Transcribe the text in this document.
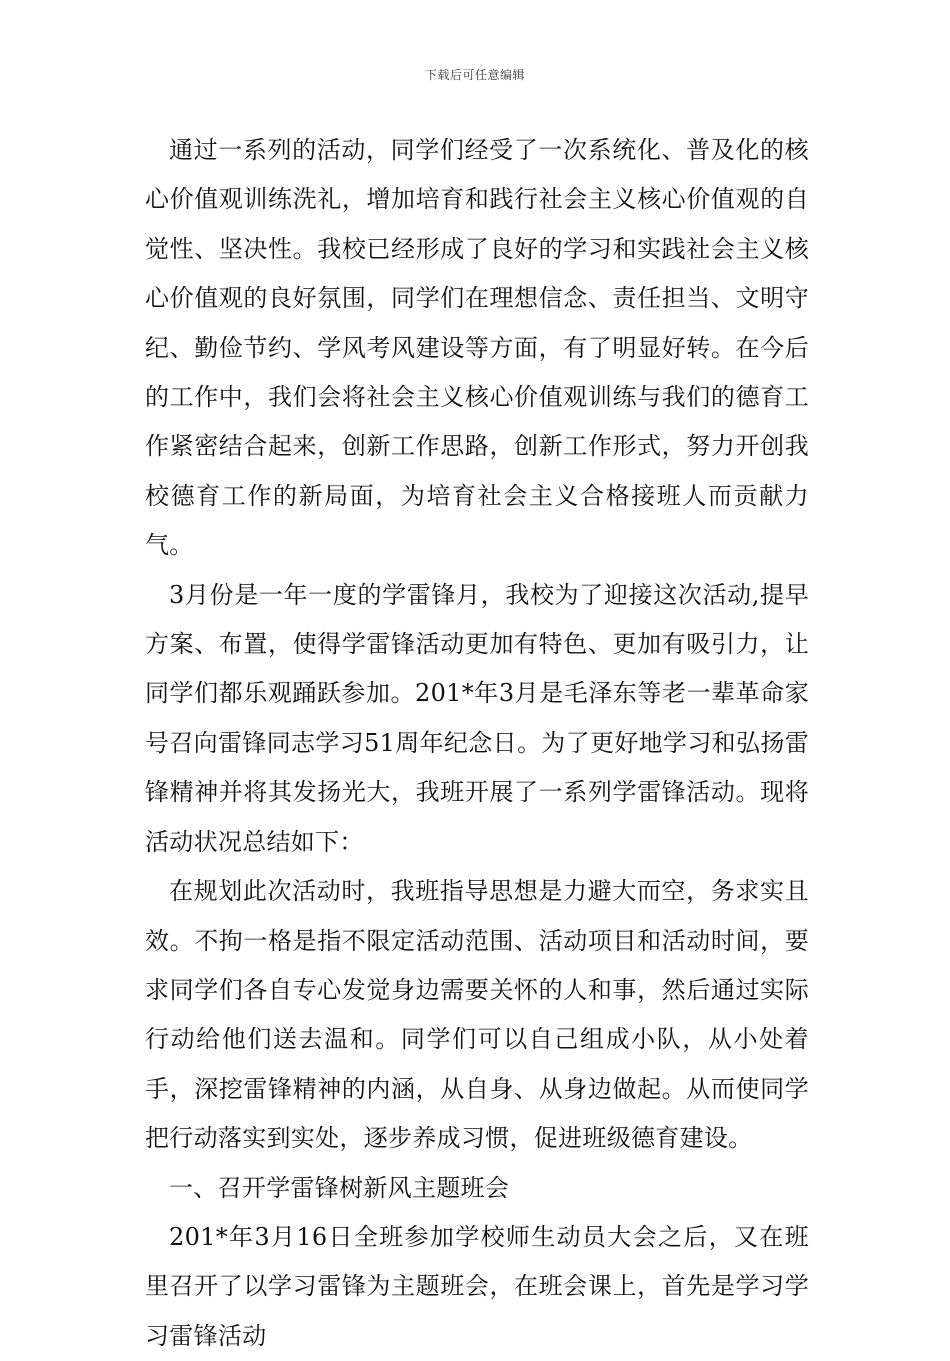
下载后可任意编辑

通过一系列的活动，同学们经受了一次系统化、普及化的核心价值观训练洗礼，增加培育和践行社会主义核心价值观的自觉性、坚决性。我校已经形成了良好的学习和实践社会主义核心价值观的良好氛围，同学们在理想信念、责任担当、文明守纪、勤俭节约、学风考风建设等方面，有了明显好转。在今后的工作中，我们会将社会主义核心价值观训练与我们的德育工作紧密结合起来，创新工作思路，创新工作形式，努力开创我校德育工作的新局面，为培育社会主义合格接班人而贡献力气。

3月份是一年一度的学雷锋月，我校为了迎接这次活动,提早方案、布置，使得学雷锋活动更加有特色、更加有吸引力，让同学们都乐观踊跃参加。201*年3月是毛泽东等老一辈革命家号召向雷锋同志学习51周年纪念日。为了更好地学习和弘扬雷锋精神并将其发扬光大，我班开展了一系列学雷锋活动。现将活动状况总结如下：

在规划此次活动时，我班指导思想是力避大而空，务求实且效。不拘一格是指不限定活动范围、活动项目和活动时间，要求同学们各自专心发觉身边需要关怀的人和事，然后通过实际行动给他们送去温和。同学们可以自己组成小队，从小处着手，深挖雷锋精神的内涵，从自身、从身边做起。从而使同学把行动落实到实处，逐步养成习惯，促进班级德育建设。

一、召开学雷锋树新风主题班会

201*年3月16日全班参加学校师生动员大会之后，又在班里召开了以学习雷锋为主题班会，在班会课上，首先是学习学习雷锋活动
